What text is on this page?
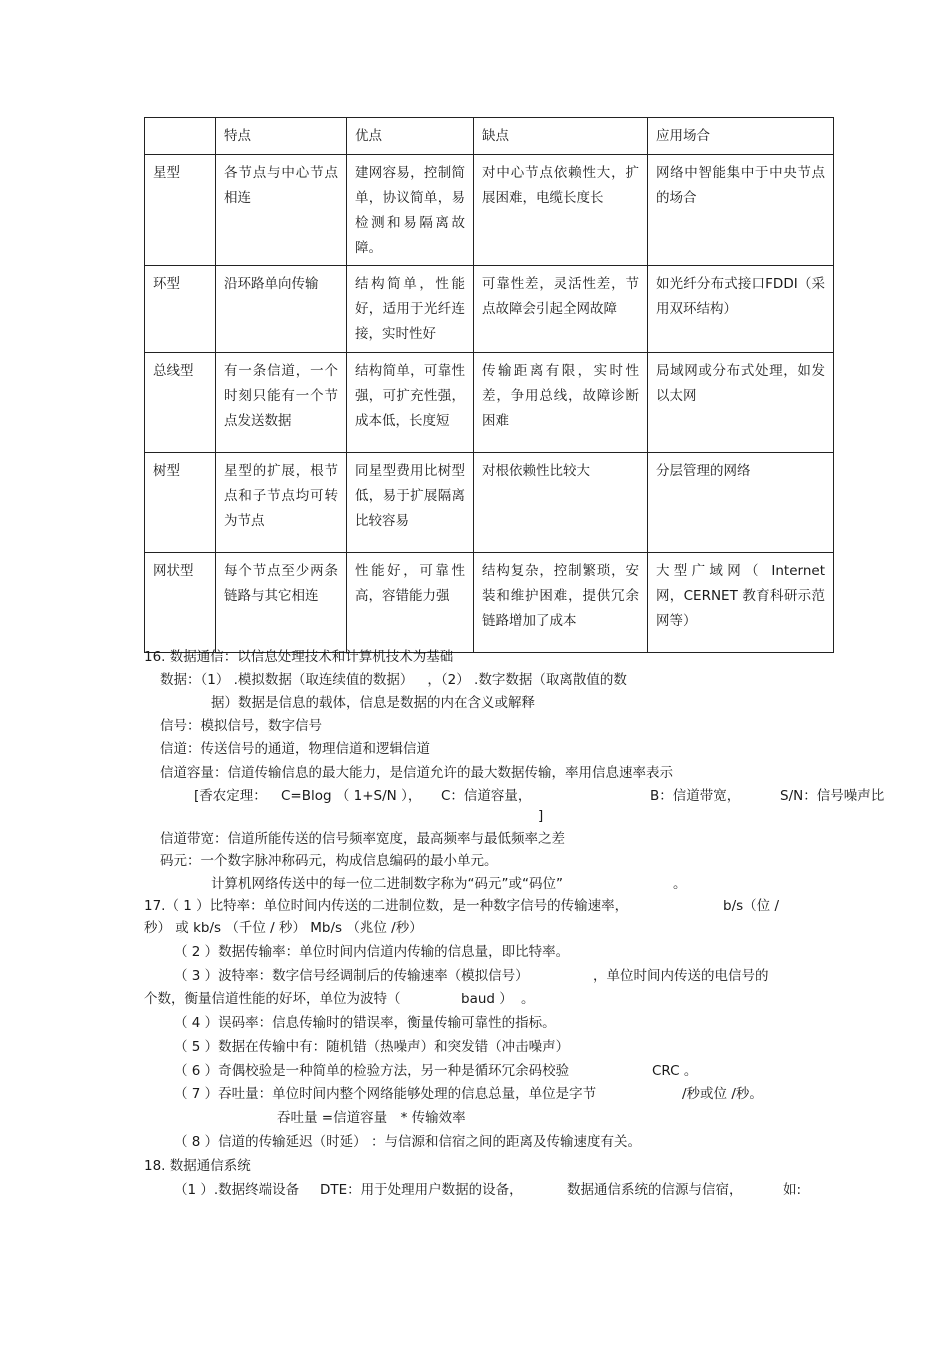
	特点	优点	缺点	应用场合
星型	各节点与中心节点相连	建网容易，控制简单，协议简单，易检测和易隔离故障。	对中心节点依赖性大，扩展困难，电缆长度长	网络中智能集中于中央节点的场合
环型	沿环路单向传输	结构简单，性能好，适用于光纤连接，实时性好	可靠性差，灵活性差，节点故障会引起全网故障	如光纤分布式接口FDDI（采用双环结构）
总线型	有一条信道，一个时刻只能有一个节点发送数据	结构简单，可靠性强，可扩充性强，成本低，长度短	传输距离有限，实时性差，争用总线，故障诊断困难	局域网或分布式处理，如发以太网
树型	星型的扩展，根节点和子节点均可转为节点	同星型费用比树型低，易于扩展隔离比较容易	对根依赖性比较大	分层管理的网络
网状型	每个节点至少两条链路与其它相连	性能好，可靠性高，容错能力强	结构复杂，控制繁琐，安装和维护困难，提供冗余链路增加了成本	大型广域网（ Internet 网，CERNET 教育科研示范网等）
16. 数据通信：以信息处理技术和计算机技术为基础
数据：（1） .模拟数据（取连续值的数据） ，（2） .数字数据（取离散值的数
据）数据是信息的载体，信息是数据的内在含义或解释
信号：模拟信号，数字信号
信道：传送信号的通道，物理信道和逻辑信道
信道容量：信道传输信息的最大能力，是信道允许的最大数据传输，率用信息速率表示
[香农定理： C=Blog （ 1+S/N ）， C：信道容量，	B：信道带宽，	S/N：信号噪声比
]
信道带宽：信道所能传送的信号频率宽度，最高频率与最低频率之差
码元：一个数字脉冲称码元，构成信息编码的最小单元。
计算机网络传送中的每一位二进制数字称为“码元”或“码位”	。
17.（ 1 ）比特率：单位时间内传送的二进制位数，是一种数字信号的传输速率，	b/s（位 /
秒） 或 kb/s （千位 / 秒） Mb/s （兆位 /秒）
（ 2 ）数据传输率：单位时间内信道内传输的信息量，即比特率。
（ 3 ）波特率：数字信号经调制后的传输速率（模拟信号）	，单位时间内传送的电信号的
个数，衡量信道性能的好坏，单位为波特（	baud ） 。
（ 4 ）误码率：信息传输时的错误率，衡量传输可靠性的指标。
（ 5 ）数据在传输中有：随机错（热噪声）和突发错（冲击噪声）
（ 6 ）奇偶校验是一种简单的检验方法，另一种是循环冗余码校验	CRC 。
（ 7 ）吞吐量：单位时间内整个网络能够处理的信息总量，单位是字节	/秒或位 /秒。
吞吐量 =信道容量　* 传输效率
（ 8 ）信道的传输延迟（时延） ：与信源和信宿之间的距离及传输速度有关。
18. 数据通信系统
（1 ）.数据终端设备 DTE：用于处理用户数据的设备，	数据通信系统的信源与信宿，	如:
